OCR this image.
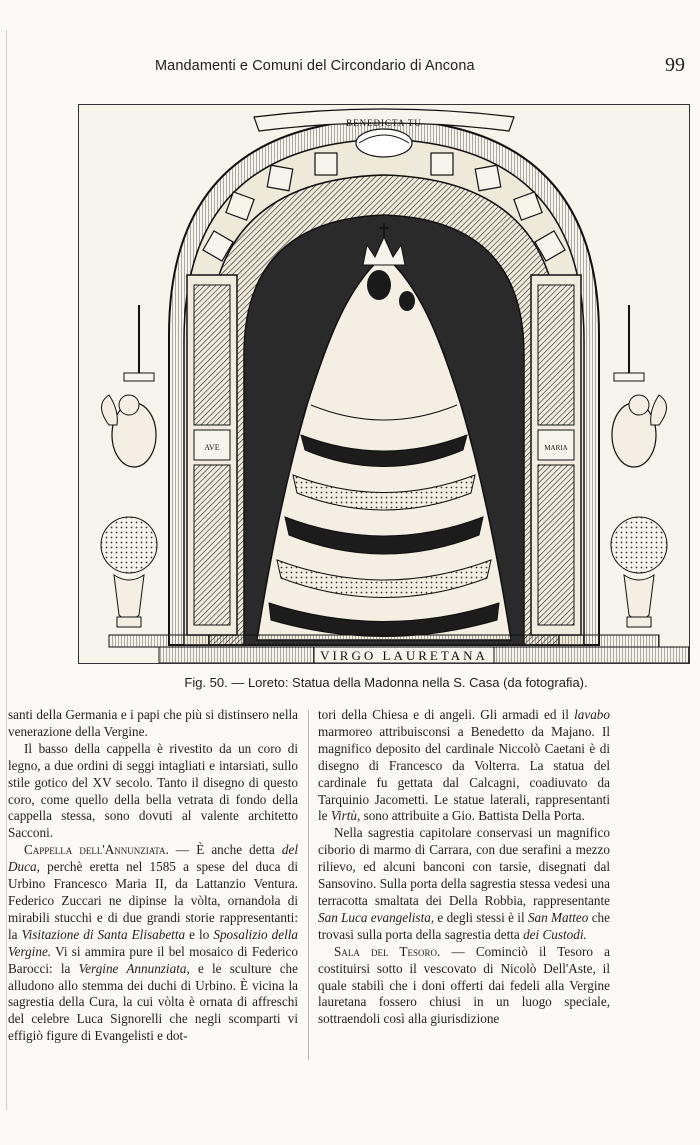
Mandamenti e Comuni del Circondario di Ancona	99
BENEDICTA TU
AVE	MARIA
VIRGO LAURETANA
Fig. 50. — Loreto: Statua della Madonna nella S. Casa (da fotografia).

santi della Germania e i papi che più si distinsero nella venerazione della Vergine.

Il basso della cappella è rivestito da un coro di legno, a due ordini di seggi intagliati e intarsiati, sullo stile gotico del XV secolo. Tanto il disegno di questo coro, come quello della bella vetrata di fondo della cappella stessa, sono dovuti al valente architetto Sacconi.

Cappella dell'Annunziata. — È anche detta del Duca, perchè eretta nel 1585 a spese del duca di Urbino Francesco Maria II, da Lattanzio Ventura. Federico Zuccari ne dipinse la vòlta, ornandola di mirabili stucchi e di due grandi storie rappresentanti: la Visitazione di Santa Elisabetta e lo Sposalizio della Vergine. Vi si ammira pure il bel mosaico di Federico Barocci: la Vergine Annunziata, e le sculture che alludono allo stemma dei duchi di Urbino. È vicina la sagrestia della Cura, la cui vòlta è ornata di affreschi del celebre Luca Signorelli che negli scomparti vi effigiò figure di Evangelisti e dot-

tori della Chiesa e di angeli. Gli armadi ed il lavabo marmoreo attribuisconsi a Benedetto da Majano. Il magnifico deposito del cardinale Niccolò Caetani è di disegno di Francesco da Volterra. La statua del cardinale fu gettata dal Calcagni, coadiuvato da Tarquinio Jacometti. Le statue laterali, rappresentanti le Virtù, sono attribuite a Gio. Battista Della Porta.

Nella sagrestia capitolare conservasi un magnifico ciborio di marmo di Carrara, con due serafini a mezzo rilievo, ed alcuni banconi con tarsie, disegnati dal Sansovino. Sulla porta della sagrestia stessa vedesi una terracotta smaltata dei Della Robbia, rappresentante San Luca evangelista, e degli stessi è il San Matteo che trovasi sulla porta della sagrestia detta dei Custodi.

Sala del Tesoro. — Cominciò il Tesoro a costituirsi sotto il vescovato di Nicolò Dell'Aste, il quale stabilì che i doni offerti dai fedeli alla Vergine lauretana fossero chiusi in un luogo speciale, sottraendoli così alla giurisdizione
